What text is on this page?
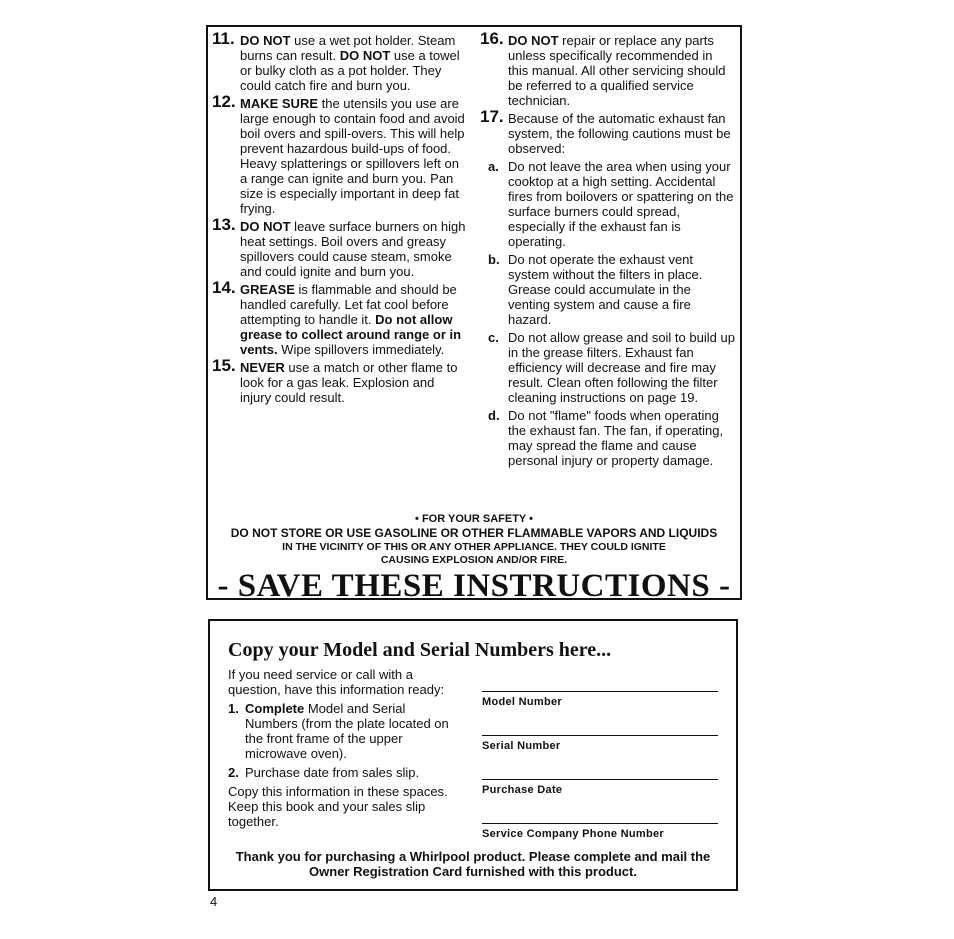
11. DO NOT use a wet pot holder. Steam burns can result. DO NOT use a towel or bulky cloth as a pot holder. They could catch fire and burn you.
12. MAKE SURE the utensils you use are large enough to contain food and avoid boil overs and spill-overs. This will help prevent hazardous build-ups of food. Heavy splatterings or spillovers left on a range can ignite and burn you. Pan size is especially important in deep fat frying.
13. DO NOT leave surface burners on high heat settings. Boil overs and greasy spillovers could cause steam, smoke and could ignite and burn you.
14. GREASE is flammable and should be handled carefully. Let fat cool before attempting to handle it. Do not allow grease to collect around range or in vents. Wipe spillovers immediately.
15. NEVER use a match or other flame to look for a gas leak. Explosion and injury could result.
16. DO NOT repair or replace any parts unless specifically recommended in this manual. All other servicing should be referred to a qualified service technician.
17. Because of the automatic exhaust fan system, the following cautions must be observed:
a. Do not leave the area when using your cooktop at a high setting. Accidental fires from boilovers or spattering on the surface burners could spread, especially if the exhaust fan is operating.
b. Do not operate the exhaust vent system without the filters in place. Grease could accumulate in the venting system and cause a fire hazard.
c. Do not allow grease and soil to build up in the grease filters. Exhaust fan efficiency will decrease and fire may result. Clean often following the filter cleaning instructions on page 19.
d. Do not "flame" foods when operating the exhaust fan. The fan, if operating, may spread the flame and cause personal injury or property damage.
• FOR YOUR SAFETY •
DO NOT STORE OR USE GASOLINE OR OTHER FLAMMABLE VAPORS AND LIQUIDS
IN THE VICINITY OF THIS OR ANY OTHER APPLIANCE. THEY COULD IGNITE
CAUSING EXPLOSION AND/OR FIRE.
- SAVE THESE INSTRUCTIONS -
Copy your Model and Serial Numbers here...

If you need service or call with a question, have this information ready:

1. Complete Model and Serial Numbers (from the plate located on the front frame of the upper microwave oven).
2. Purchase date from sales slip.

Copy this information in these spaces. Keep this book and your sales slip together.

Model Number
Serial Number
Purchase Date
Service Company Phone Number
Thank you for purchasing a Whirlpool product. Please complete and mail the Owner Registration Card furnished with this product.
4
